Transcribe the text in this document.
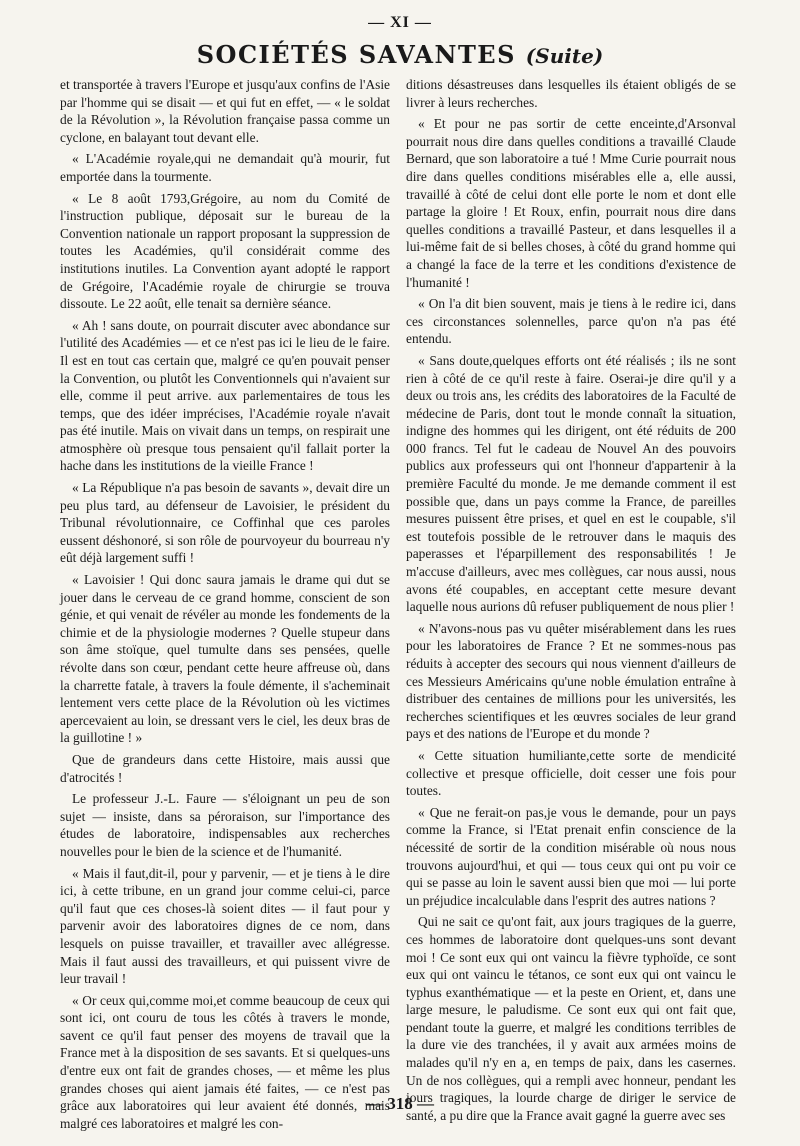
— XI —
SOCIÉTÉS SAVANTES (Suite)

et transportée à travers l'Europe et jusqu'aux confins de l'Asie par l'homme qui se disait — et qui fut en effet, — « le soldat de la Révolution », la Révolution française passa comme un cyclone, en balayant tout devant elle.

« L'Académie royale,qui ne demandait qu'à mourir, fut emportée dans la tourmente.

« Le 8 août 1793,Grégoire, au nom du Comité de l'instruction publique, déposait sur le bureau de la Convention nationale un rapport proposant la suppression de toutes les Académies, qu'il considérait comme des institutions inutiles. La Convention ayant adopté le rapport de Grégoire, l'Académie royale de chirurgie se trouva dissoute. Le 22 août, elle tenait sa dernière séance.

« Ah ! sans doute, on pourrait discuter avec abondance sur l'utilité des Académies — et ce n'est pas ici le lieu de le faire. Il est en tout cas certain que, malgré ce qu'en pouvait penser la Convention, ou plutôt les Conventionnels qui n'avaient sur elle, comme il peut arrive. aux parlementaires de tous les temps, que des idéer imprécises, l'Académie royale n'avait pas été inutile. Mais on vivait dans un temps, on respirait une atmosphère où presque tous pensaient qu'il fallait porter la hache dans les institutions de la vieille France !

« La République n'a pas besoin de savants », devait dire un peu plus tard, au défenseur de Lavoisier, le président du Tribunal révolutionnaire, ce Coffinhal que ces paroles eussent déshonoré, si son rôle de pourvoyeur du bourreau n'y eût déjà largement suffi !

« Lavoisier ! Qui donc saura jamais le drame qui dut se jouer dans le cerveau de ce grand homme, conscient de son génie, et qui venait de révéler au monde les fondements de la chimie et de la physiologie modernes ? Quelle stupeur dans son âme stoïque, quel tumulte dans ses pensées, quelle révolte dans son cœur, pendant cette heure affreuse où, dans la charrette fatale, à travers la foule démente, il s'acheminait lentement vers cette place de la Révolution où les victimes apercevaient au loin, se dressant vers le ciel, les deux bras de la guillotine ! »

Que de grandeurs dans cette Histoire, mais aussi que d'atrocités !

Le professeur J.-L. Faure — s'éloignant un peu de son sujet — insiste, dans sa péroraison, sur l'importance des études de laboratoire, indispensables aux recherches nouvelles pour le bien de la science et de l'humanité.

« Mais il faut,dit-il, pour y parvenir, — et je tiens à le dire ici, à cette tribune, en un grand jour comme celui-ci, parce qu'il faut que ces choses-là soient dites — il faut pour y parvenir avoir des laboratoires dignes de ce nom, dans lesquels on puisse travailler, et travailler avec allégresse. Mais il faut aussi des travailleurs, et qui puissent vivre de leur travail !

« Or ceux qui,comme moi,et comme beaucoup de ceux qui sont ici, ont couru de tous les côtés à travers le monde, savent ce qu'il faut penser des moyens de travail que la France met à la disposition de ses savants. Et si quelques-uns d'entre eux ont fait de grandes choses, — et même les plus grandes choses qui aient jamais été faites, — ce n'est pas grâce aux laboratoires qui leur avaient été donnés, mais malgré ces laboratoires et malgré les con-

ditions désastreuses dans lesquelles ils étaient obligés de se livrer à leurs recherches.

« Et pour ne pas sortir de cette enceinte,d'Arsonval pourrait nous dire dans quelles conditions a travaillé Claude Bernard, que son laboratoire a tué ! Mme Curie pourrait nous dire dans quelles conditions misérables elle a, elle aussi, travaillé à côté de celui dont elle porte le nom et dont elle partage la gloire ! Et Roux, enfin, pourrait nous dire dans quelles conditions a travaillé Pasteur, et dans lesquelles il a lui-même fait de si belles choses, à côté du grand homme qui a changé la face de la terre et les conditions d'existence de l'humanité !

« On l'a dit bien souvent, mais je tiens à le redire ici, dans ces circonstances solennelles, parce qu'on n'a pas été entendu.

« Sans doute,quelques efforts ont été réalisés ; ils ne sont rien à côté de ce qu'il reste à faire. Oserai-je dire qu'il y a deux ou trois ans, les crédits des laboratoires de la Faculté de médecine de Paris, dont tout le monde connaît la situation, indigne des hommes qui les dirigent, ont été réduits de 200 000 francs. Tel fut le cadeau de Nouvel An des pouvoirs publics aux professeurs qui ont l'honneur d'appartenir à la première Faculté du monde. Je me demande comment il est possible que, dans un pays comme la France, de pareilles mesures puissent être prises, et quel en est le coupable, s'il est toutefois possible de le retrouver dans le maquis des paperasses et l'éparpillement des responsabilités ! Je m'accuse d'ailleurs, avec mes collègues, car nous aussi, nous avons été coupables, en acceptant cette mesure devant laquelle nous aurions dû refuser publiquement de nous plier !

« N'avons-nous pas vu quêter misérablement dans les rues pour les laboratoires de France ? Et ne sommes-nous pas réduits à accepter des secours qui nous viennent d'ailleurs de ces Messieurs Américains qu'une noble émulation entraîne à distribuer des centaines de millions pour les universités, les recherches scientifiques et les œuvres sociales de leur grand pays et des nations de l'Europe et du monde ?

« Cette situation humiliante,cette sorte de mendicité collective et presque officielle, doit cesser une fois pour toutes.

« Que ne ferait-on pas,je vous le demande, pour un pays comme la France, si l'Etat prenait enfin conscience de la nécessité de sortir de la condition misérable où nous nous trouvons aujourd'hui, et qui — tous ceux qui ont pu voir ce qui se passe au loin le savent aussi bien que moi — lui porte un préjudice incalculable dans l'esprit des autres nations ?

Qui ne sait ce qu'ont fait, aux jours tragiques de la guerre, ces hommes de laboratoire dont quelques-uns sont devant moi ! Ce sont eux qui ont vaincu la fièvre typhoïde, ce sont eux qui ont vaincu le tétanos, ce sont eux qui ont vaincu le typhus exanthématique — et la peste en Orient, et, dans une large mesure, le paludisme. Ce sont eux qui ont fait que, pendant toute la guerre, et malgré les conditions terribles de la dure vie des tranchées, il y avait aux armées moins de malades qu'il n'y en a, en temps de paix, dans les casernes. Un de nos collègues, qui a rempli avec honneur, pendant les jours tragiques, la lourde charge de diriger le service de santé, a pu dire que la France avait gagné la guerre avec ses

— 318 —
